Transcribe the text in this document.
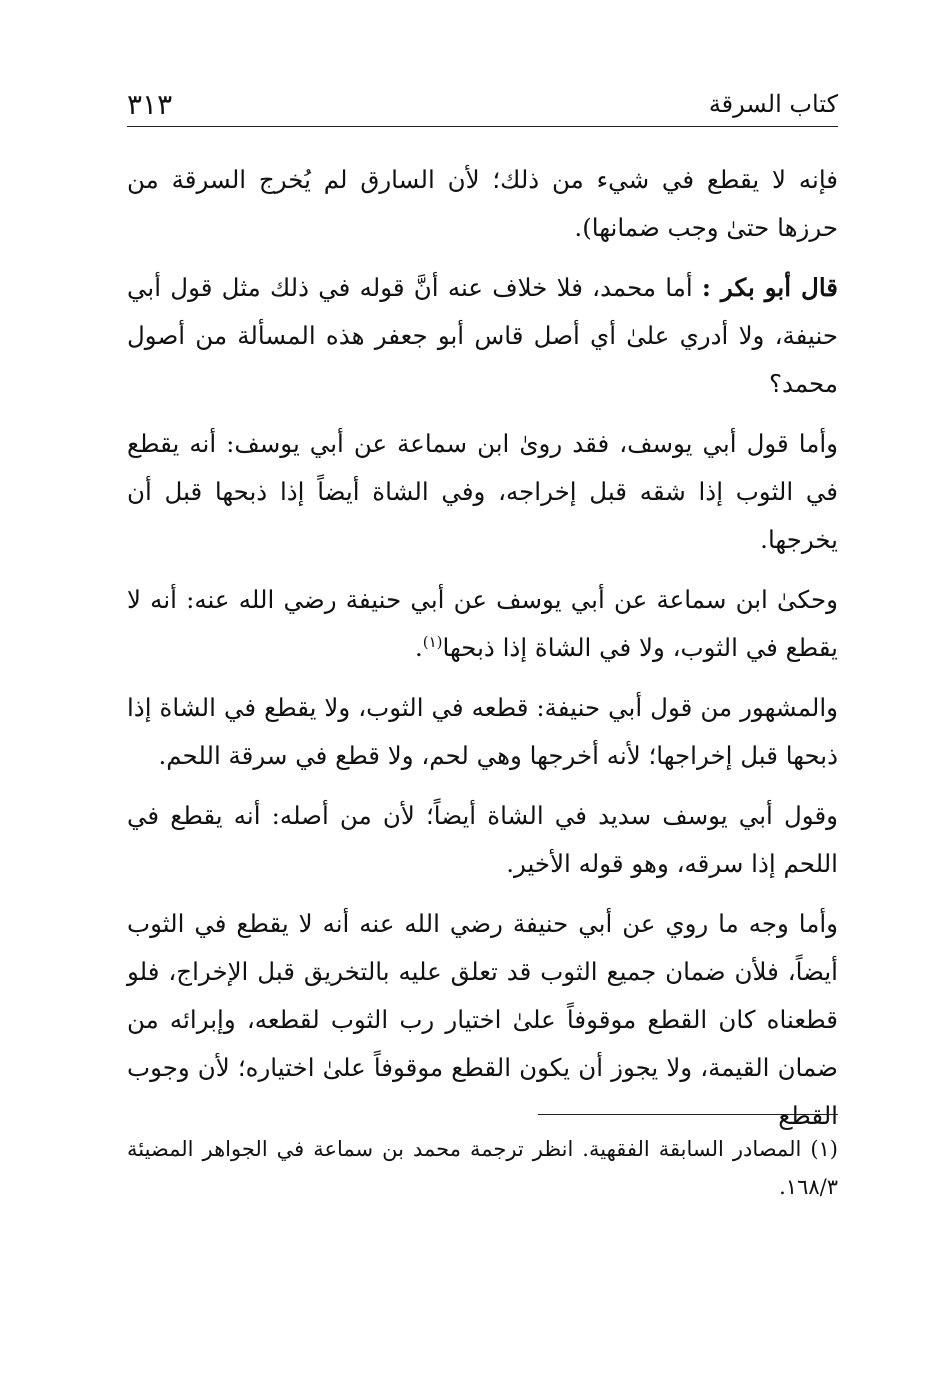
كتاب السرقة
٣١٣

فإنه لا يقطع في شيء من ذلك؛ لأن السارق لم يُخرج السرقة من حرزها حتىٰ وجب ضمانها).

قال أبو بكر : أما محمد، فلا خلاف عنه أنَّ قوله في ذلك مثل قول أبي حنيفة، ولا أدري علىٰ أي أصل قاس أبو جعفر هذه المسألة من أصول محمد؟

وأما قول أبي يوسف، فقد روىٰ ابن سماعة عن أبي يوسف: أنه يقطع في الثوب إذا شقه قبل إخراجه، وفي الشاة أيضاً إذا ذبحها قبل أن يخرجها.

وحكىٰ ابن سماعة عن أبي يوسف عن أبي حنيفة رضي الله عنه: أنه لا يقطع في الثوب، ولا في الشاة إذا ذبحها$^{(١)}$.

والمشهور من قول أبي حنيفة: قطعه في الثوب، ولا يقطع في الشاة إذا ذبحها قبل إخراجها؛ لأنه أخرجها وهي لحم، ولا قطع في سرقة اللحم.

وقول أبي يوسف سديد في الشاة أيضاً؛ لأن من أصله: أنه يقطع في اللحم إذا سرقه، وهو قوله الأخير.

وأما وجه ما روي عن أبي حنيفة رضي الله عنه أنه لا يقطع في الثوب أيضاً، فلأن ضمان جميع الثوب قد تعلق عليه بالتخريق قبل الإخراج، فلو قطعناه كان القطع موقوفاً علىٰ اختيار رب الثوب لقطعه، وإبرائه من ضمان القيمة، ولا يجوز أن يكون القطع موقوفاً علىٰ اختياره؛ لأن وجوب القطع

(١) المصادر السابقة الفقهية. انظر ترجمة محمد بن سماعة في الجواهر المضيئة ١٦٨/٣.
